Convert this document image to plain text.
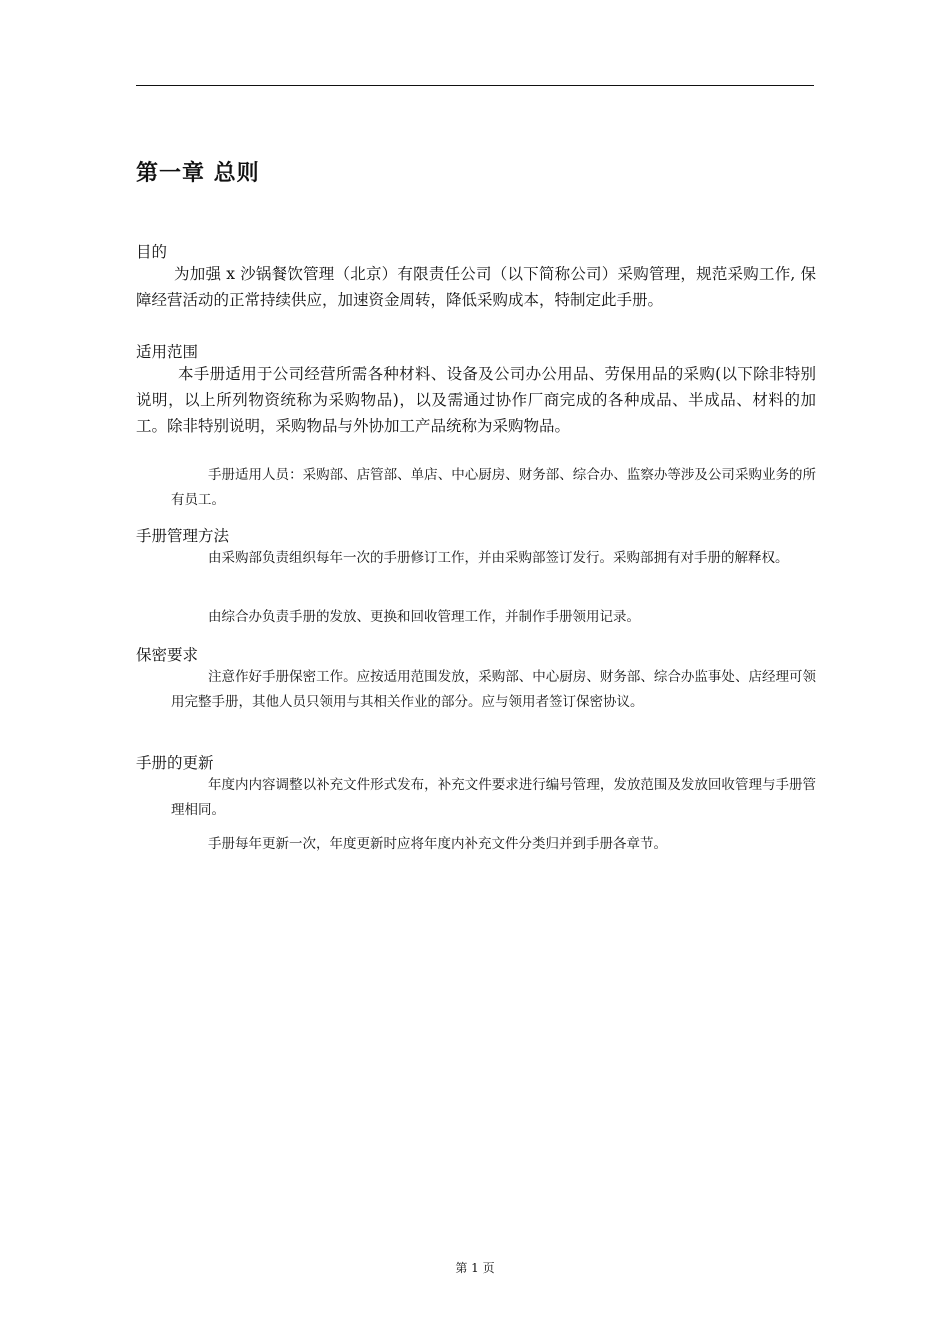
第一章 总则

目的

为加强 x 沙锅餐饮管理（北京）有限责任公司（以下简称公司）采购管理，规范采购工作, 保障经营活动的正常持续供应，加速资金周转，降低采购成本，特制定此手册。

适用范围

本手册适用于公司经营所需各种材料、设备及公司办公用品、劳保用品的采购(以下除非特别说明，以上所列物资统称为采购物品)，以及需通过协作厂商完成的各种成品、半成品、材料的加工。除非特别说明，采购物品与外协加工产品统称为采购物品。

手册适用人员：采购部、店管部、单店、中心厨房、财务部、综合办、监察办等涉及公司采购业务的所有员工。

手册管理方法

由采购部负责组织每年一次的手册修订工作，并由采购部签订发行。采购部拥有对手册的解释权。

由综合办负责手册的发放、更换和回收管理工作，并制作手册领用记录。

保密要求

注意作好手册保密工作。应按适用范围发放，采购部、中心厨房、财务部、综合办监事处、店经理可领用完整手册，其他人员只领用与其相关作业的部分。应与领用者签订保密协议。

手册的更新

年度内内容调整以补充文件形式发布，补充文件要求进行编号管理，发放范围及发放回收管理与手册管理相同。

手册每年更新一次，年度更新时应将年度内补充文件分类归并到手册各章节。

第 1 页
